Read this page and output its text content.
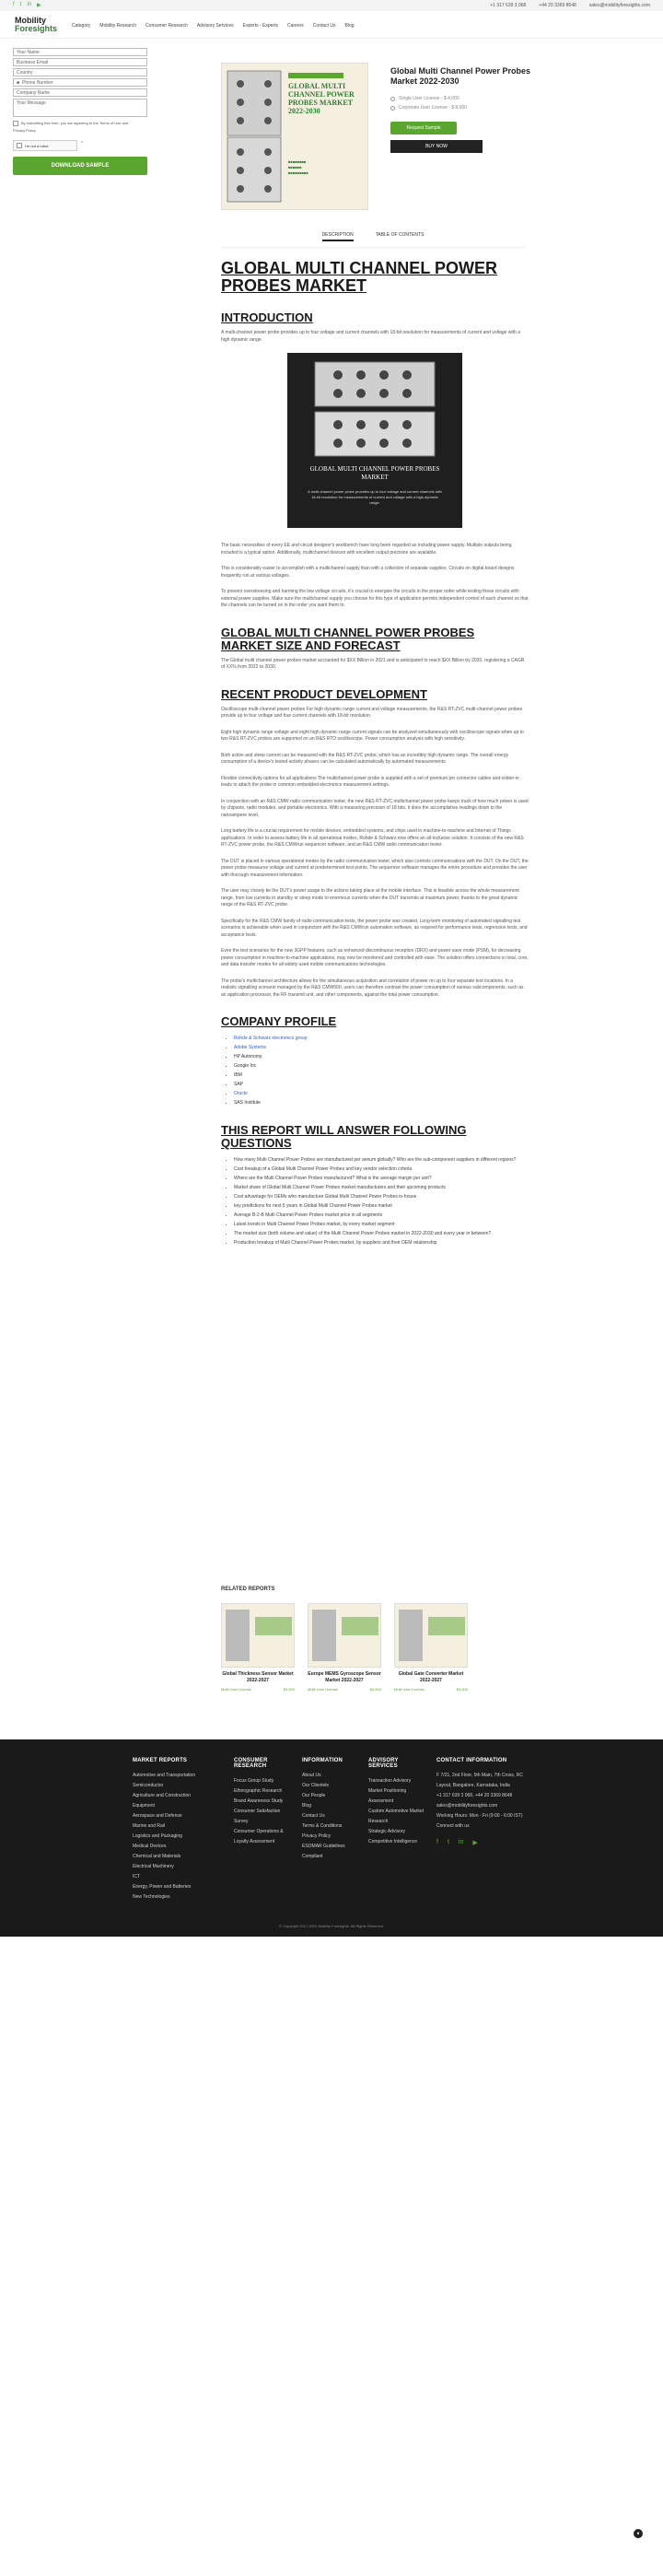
f t in ▶	+1 317 639 3 068	+44 20 3369 8648	sales@mobilityforesights.com
Mobility
Foresights	Category Mobility Research Consumer Research Advisory Services Experts - Experts Careers Contact Us Blog
Your Name
Business Email
Country
■ Phone Number
Company Name
Your Message
By submitting this form, you are agreeing to the Terms of Use and
Privacy Policy
I'm not a robot
↻
DOWNLOAD SAMPLE
GLOBAL MULTI CHANNEL POWER PROBES MARKET 2022-2030
■■■■■■■■
■■■■■■
■■■■■■■■■
Global Multi Channel Power Probes Market 2022-2030
Single User License - $ 4,000
Corporate User License - $ 8,000
Request Sample
BUY NOW
DESCRIPTION	TABLE OF CONTENTS
GLOBAL MULTI CHANNEL POWER PROBES MARKET
INTRODUCTION

A multi-channel power probe provides up to four voltage and current channels with 18-bit resolution for measurements of current and voltage with a high dynamic range.

GLOBAL MULTI CHANNEL POWER PROBES MARKET
A multi-channel power probe provides up to four voltage and current channels with 18-bit resolution for measurements of current and voltage with a high dynamic range.

The basic necessities of every EE and circuit designer's workbench have long been regarded as including power supply. Multiple outputs being included is a typical option. Additionally, multichannel devices with excellent output precision are available.

This is considerably easier to accomplish with a multichannel supply than with a collection of separate supplies. Circuits on digital board designs frequently run at various voltages.

To prevent overstressing and harming the low voltage circuits, it's crucial to energize the circuits in the proper order while testing these circuits with external power supplies. Make sure the multichannel supply you choose for this type of application permits independent control of each channel so that the channels can be turned on in the order you want them to.

GLOBAL MULTI CHANNEL POWER PROBES MARKET SIZE AND FORECAST

The Global multi channel power probes market accounted for $XX Billion in 2021 and is anticipated to reach $XX Billion by 2030, registering a CAGR of XX% from 2022 to 2030.

RECENT PRODUCT DEVELOPMENT

Oscilloscope multi-channel power probes For high dynamic range current and voltage measurements, the R&S RT-ZVC multi-channel power probes provide up to four voltage and four current channels with 18-bit resolution.

Eight high dynamic range voltage and eight high dynamic range current signals can be analyzed simultaneously with oscilloscope signals when up to two R&S RT-ZVC probes are supported on an R&S RTO oscilloscope. Power consumption analysis with high sensitivity.

Both active and sleep current can be measured with the R&S RT-ZVC probe, which has an incredibly high dynamic range. The overall energy consumption of a device's tested activity phases can be calculated automatically by automated measurements.

Flexible connectivity options for all applications The multichannel power probe is supplied with a set of premium pin connector cables and solder-in leads to attach the probe in common embedded electronics measurement settings.

In conjunction with an R&S CMW radio communication tester, the new R&S RT-ZVC multichannel power probe keeps track of how much power is used by chipsets, radio modules, and portable electronics. With a measuring precision of 18 bits, it does the accomplishes readings down to the nanoampere level.

Long battery life is a crucial requirement for mobile devices, embedded systems, and chips used in machine-to-machine and Internet of Things applications. In order to assess battery life in all operational modes, Rohde & Schwarz now offers an all-inclusive solution. It consists of the new R&S RT-ZVC power probe, the R&S CMWrun sequencer software, and an R&S CMW radio communication tester.

The DUT is placed in various operational modes by the radio communication tester, which also controls communications with the DUT. On the DUT, the power probe measures voltage and current at predetermined test points. The sequencer software manages the entire procedure and provides the user with thorough measurement information.

The user may closely tie the DUT's power usage to the actions taking place at the mobile interface. This is feasible across the whole measurement range, from low currents in standby or sleep mode to enormous currents when the DUT transmits at maximum power, thanks to the great dynamic range of the R&S RT-ZVC probe.

Specifically for the R&S CMW family of radio communication tests, the power probe was created. Long-term monitoring of automated signalling test scenarios is achievable when used in conjunction with the R&S CMWrun automation software, as required for performance tests, regression tests, and acceptance tests.

Even the test scenarios for the new 3GPP features, such as enhanced discontinuous reception (DRX) and power save mode (PSM), for decreasing power consumption in machine-to-machine applications, may now be monitored and controlled with ease. The solution offers connections in total, core, and data transfer modes for all widely used mobile communications technologies.

The probe's multichannel architecture allows for the simultaneous acquisition and correlation of power on up to four separate test locations. In a realistic signalling scenario managed by the R&S CMW500, users can therefore contrast the power consumption of various subcomponents, such as an application processor, the RF transmit unit, and other components, against the total power consumption.

COMPANY PROFILE
• Rohde & Schwarz electronics group
• Adobe Systems
• HP Autonomy
• Google Inc
• IBM
• SAP
• Oracle
• SAS Institute
THIS REPORT WILL ANSWER FOLLOWING QUESTIONS
• How many Multi Channel Power Probes are manufactured per annum globally? Who are the sub-component suppliers in different regions?
• Cost breakup of a Global Multi Channel Power Probes and key vendor selection criteria
• Where are the Multi Channel Power Probes manufactured? What is the average margin per unit?
• Market share of Global Multi Channel Power Probes market manufacturers and their upcoming products
• Cost advantage for OEMs who manufacture Global Multi Channel Power Probes in-house
• key predictions for next 5 years in Global Multi Channel Power Probes market
• Average B-2-B Multi Channel Power Probes market price in all segments
• Latest trends in Multi Channel Power Probes market, by every market segment
• The market size (both volume and value) of the Multi Channel Power Probes market in 2022-2030 and every year in between?
• Production breakup of Multi Channel Power Probes market, by suppliers and their OEM relationship
RELATED REPORTS
Global Thickness Sensor Market 2022-2027
Multi User License	$3,500
Europe MEMS Gyroscope Sensor Market 2022-2027
Multi User License	$3,500
Global Gate Converter Market 2022-2027
Multi User License	$3,500
MARKET REPORTS
Automotive and Transportation
Semiconductor
Agriculture and Construction Equipment
Aerospace and Defense
Marine and Rail
Logistics and Packaging
Medical Devices
Chemical and Materials
Electrical Machinery
ICT
Energy, Power and Batteries
New Technologies
CONSUMER RESEARCH
Focus Group Study
Ethnographic Research
Brand Awareness Study
Consumer Satisfaction Survey
Consumer Operations & Loyalty Assessment
INFORMATION
About Us
Our Clientele
Our People
Blog
Contact Us
Terms & Conditions
Privacy Policy
ESOMAR Guidelines Compliant
ADVISORY SERVICES
Transaction Advisory
Market Positioning Assessment
Custom Automotive Market Research
Strategic Advisory
Competitive Intelligence
CONTACT INFORMATION
F 7/21, 2nd Floor, 5th Main, 7th Cross, RC Layout, Bangalore, Karnataka, India
+1 317 639 3 068, +44 20 3369 8648
sales@mobilityforesights.com
Working Hours: Mon - Fri (9:00 - 6:00 IST)
Connect with us
f t in ▶
© Copyright 2017-2024 Mobility Foresights. All Rights Reserved.
●
